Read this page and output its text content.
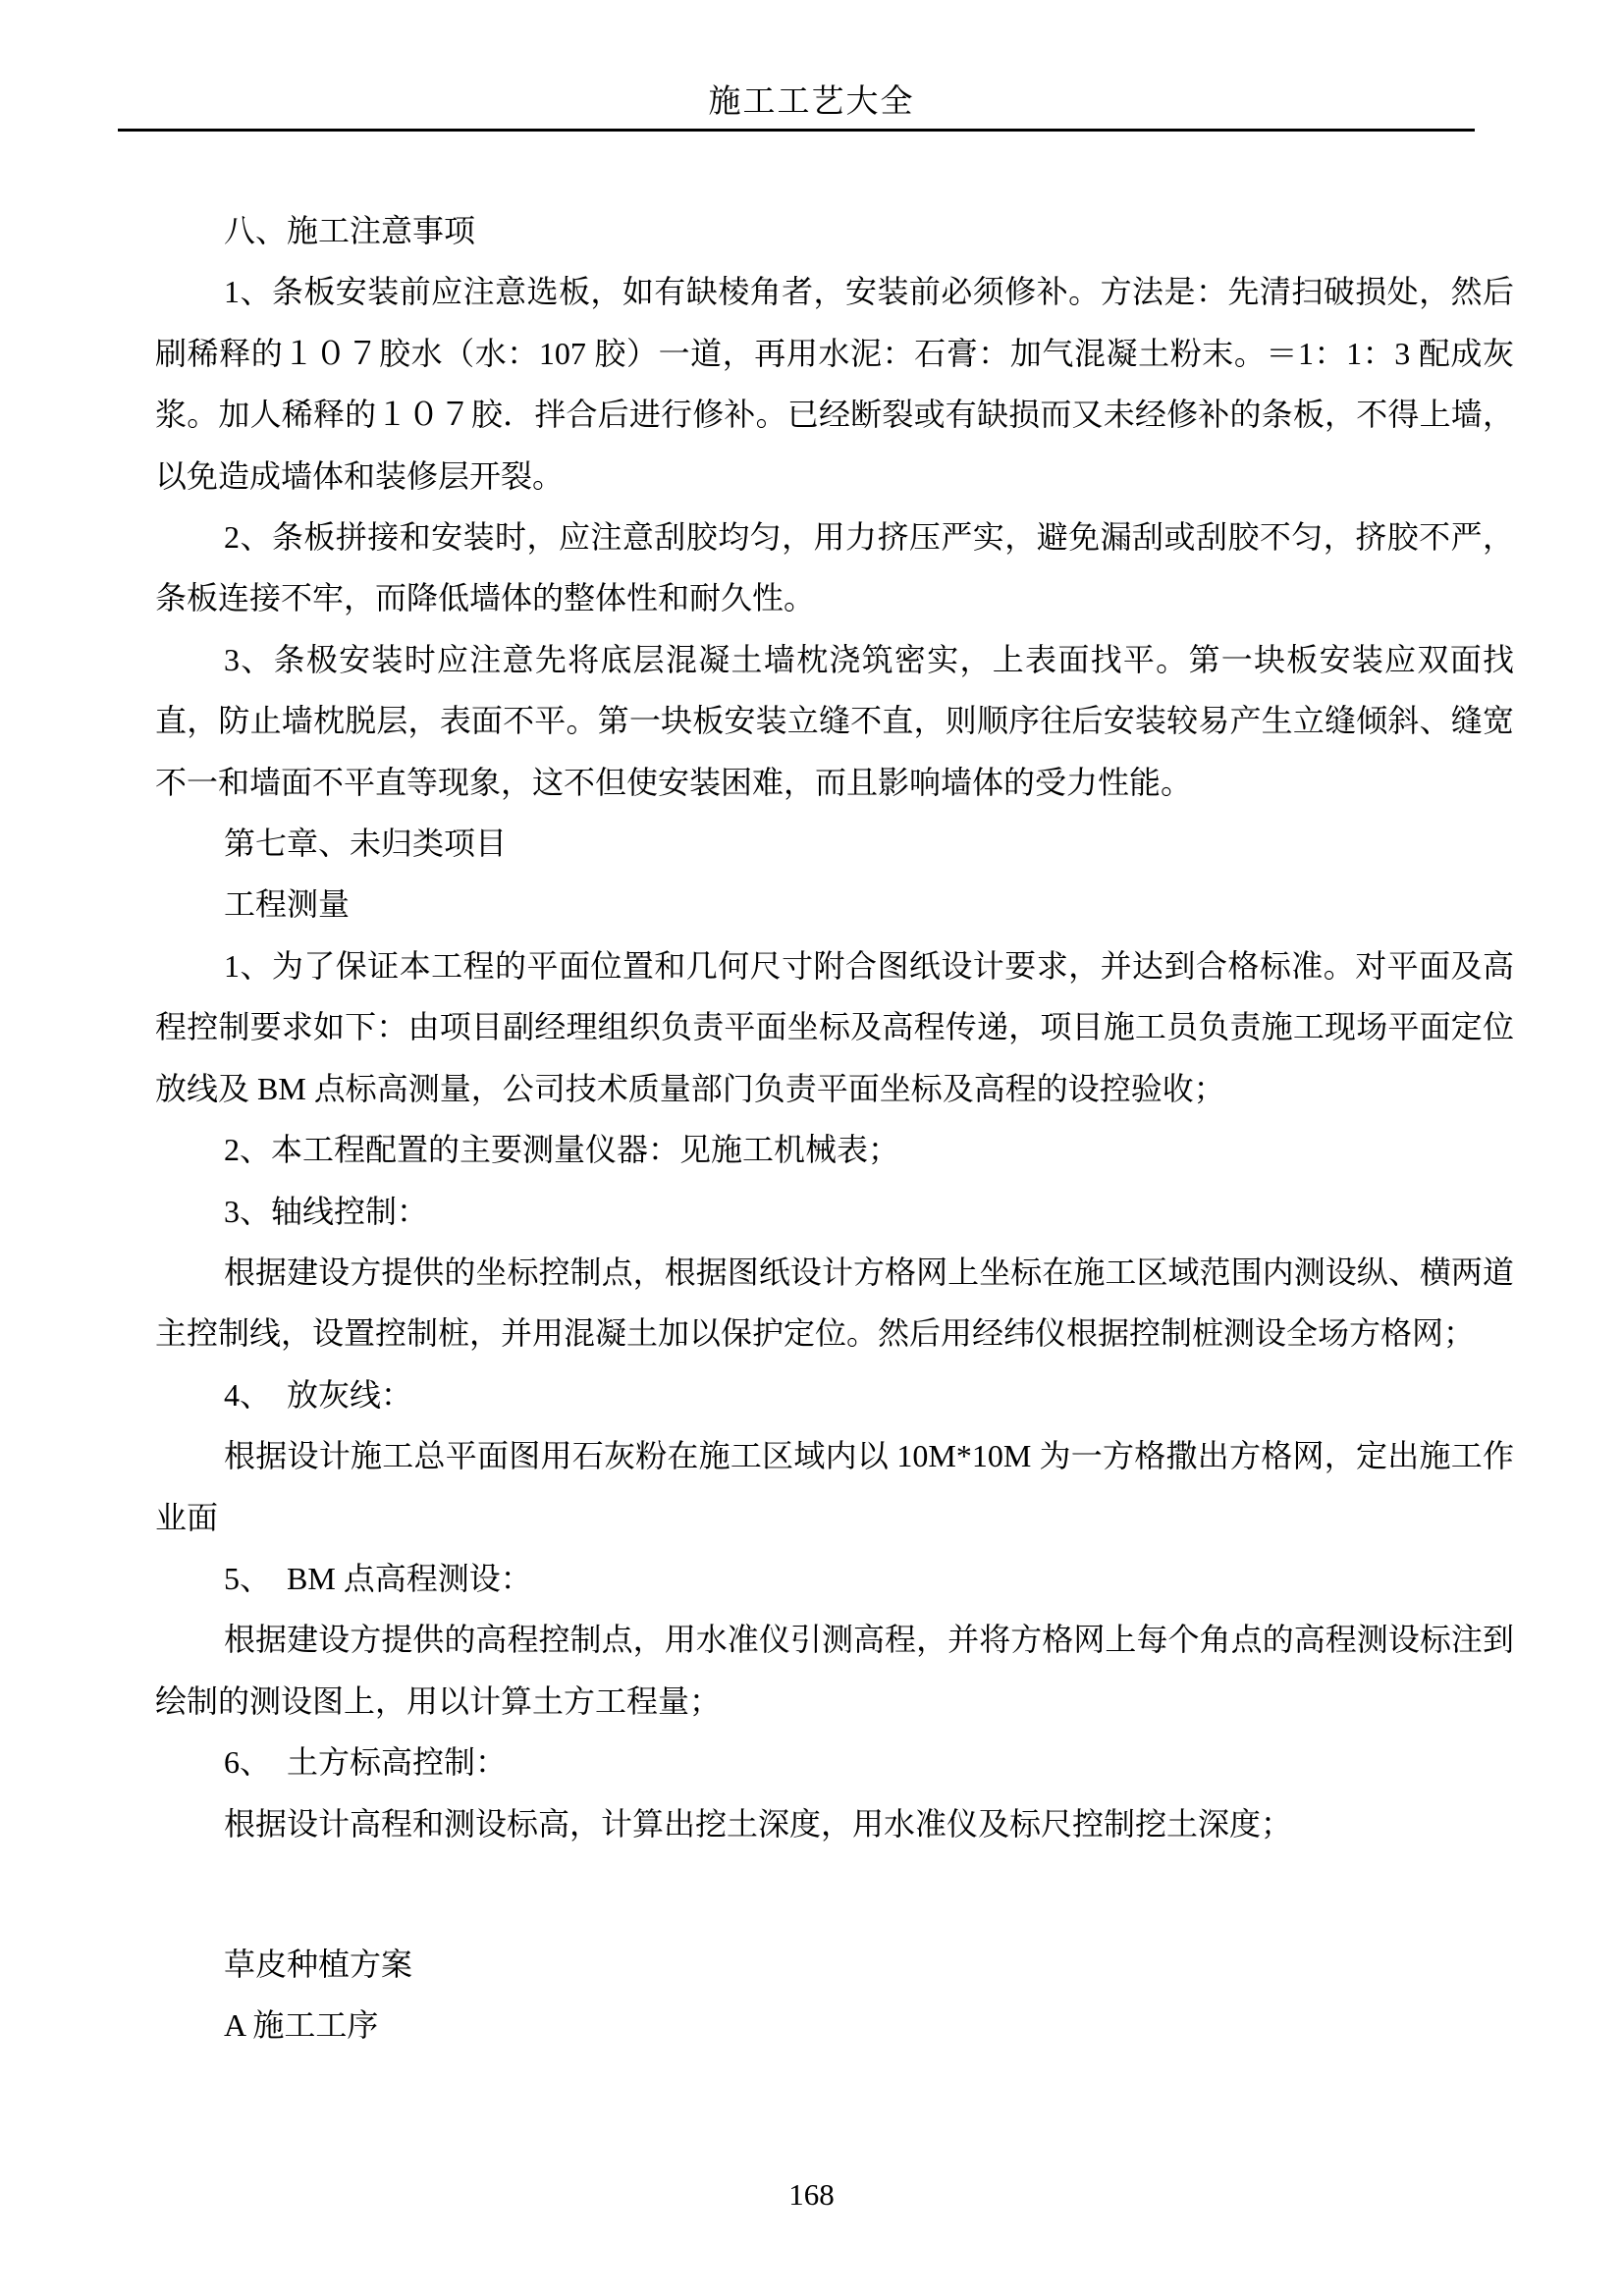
施工工艺大全

八、施工注意事项

1、条板安装前应注意选板，如有缺棱角者，安装前必须修补。方法是：先清扫破损处，然后刷稀释的１０７胶水（水：107 胶）一道，再用水泥：石膏：加气混凝土粉末。＝1：1：3 配成灰浆。加人稀释的１０７胶．拌合后进行修补。已经断裂或有缺损而又未经修补的条板，不得上墙，以免造成墙体和装修层开裂。

2、条板拼接和安装时，应注意刮胶均匀，用力挤压严实，避免漏刮或刮胶不匀，挤胶不严，条板连接不牢，而降低墙体的整体性和耐久性。

3、条极安装时应注意先将底层混凝土墙枕浇筑密实，上表面找平。第一块板安装应双面找直，防止墙枕脱层，表面不平。第一块板安装立缝不直，则顺序往后安装较易产生立缝倾斜、缝宽不一和墙面不平直等现象，这不但使安装困难，而且影响墙体的受力性能。

第七章、未归类项目

工程测量

1、为了保证本工程的平面位置和几何尺寸附合图纸设计要求，并达到合格标准。对平面及高程控制要求如下：由项目副经理组织负责平面坐标及高程传递，项目施工员负责施工现场平面定位放线及 BM 点标高测量，公司技术质量部门负责平面坐标及高程的设控验收；

2、本工程配置的主要测量仪器：见施工机械表；

3、轴线控制：

根据建设方提供的坐标控制点，根据图纸设计方格网上坐标在施工区域范围内测设纵、横两道主控制线，设置控制桩，并用混凝土加以保护定位。然后用经纬仪根据控制桩测设全场方格网；

4、　放灰线：

根据设计施工总平面图用石灰粉在施工区域内以 10M*10M 为一方格撒出方格网，定出施工作业面

5、　BM 点高程测设：

根据建设方提供的高程控制点，用水准仪引测高程，并将方格网上每个角点的高程测设标注到绘制的测设图上，用以计算土方工程量；

6、　土方标高控制：

根据设计高程和测设标高，计算出挖土深度，用水准仪及标尺控制挖土深度；

草皮种植方案

A 施工工序

168
